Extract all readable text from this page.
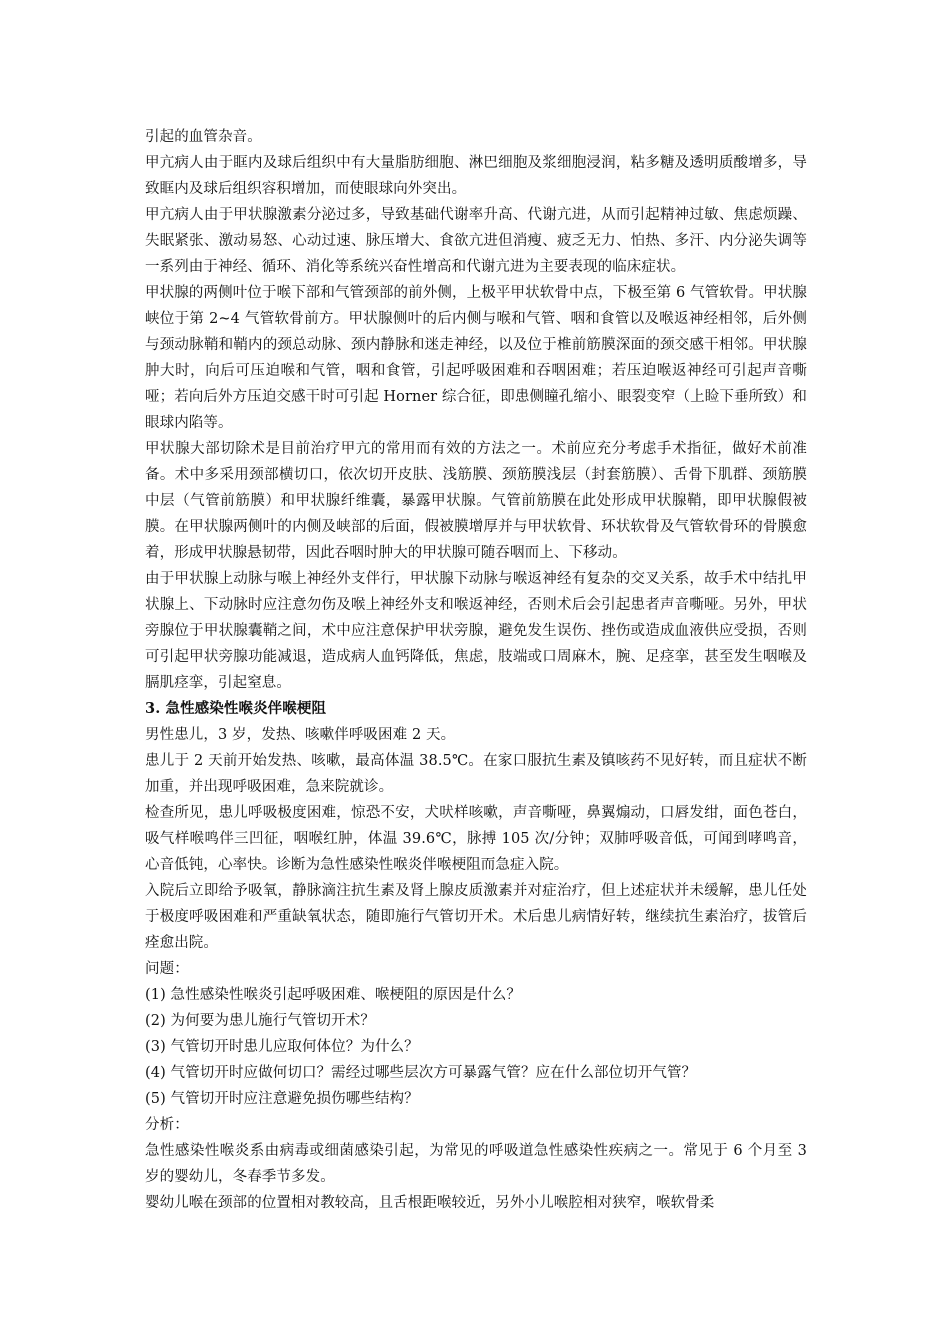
引起的血管杂音。

甲亢病人由于眶内及球后组织中有大量脂肪细胞、淋巴细胞及浆细胞浸润，粘多糖及透明质酸增多，导致眶内及球后组织容积增加，而使眼球向外突出。

甲亢病人由于甲状腺激素分泌过多，导致基础代谢率升高、代谢亢进，从而引起精神过敏、焦虑烦躁、失眠紧张、激动易怒、心动过速、脉压增大、食欲亢进但消瘦、疲乏无力、怕热、多汗、内分泌失调等一系列由于神经、循环、消化等系统兴奋性增高和代谢亢进为主要表现的临床症状。

甲状腺的两侧叶位于喉下部和气管颈部的前外侧，上极平甲状软骨中点，下极至第 6 气管软骨。甲状腺峡位于第 2~4 气管软骨前方。甲状腺侧叶的后内侧与喉和气管、咽和食管以及喉返神经相邻，后外侧与颈动脉鞘和鞘内的颈总动脉、颈内静脉和迷走神经，以及位于椎前筋膜深面的颈交感干相邻。甲状腺肿大时，向后可压迫喉和气管，咽和食管，引起呼吸困难和吞咽困难；若压迫喉返神经可引起声音嘶哑；若向后外方压迫交感干时可引起 Horner 综合征，即患侧瞳孔缩小、眼裂变窄（上睑下垂所致）和眼球内陷等。

甲状腺大部切除术是目前治疗甲亢的常用而有效的方法之一。术前应充分考虑手术指征，做好术前准备。术中多采用颈部横切口，依次切开皮肤、浅筋膜、颈筋膜浅层（封套筋膜）、舌骨下肌群、颈筋膜中层（气管前筋膜）和甲状腺纤维囊，暴露甲状腺。气管前筋膜在此处形成甲状腺鞘，即甲状腺假被膜。在甲状腺两侧叶的内侧及峡部的后面，假被膜增厚并与甲状软骨、环状软骨及气管软骨环的骨膜愈着，形成甲状腺悬韧带，因此吞咽时肿大的甲状腺可随吞咽而上、下移动。

由于甲状腺上动脉与喉上神经外支伴行，甲状腺下动脉与喉返神经有复杂的交叉关系，故手术中结扎甲状腺上、下动脉时应注意勿伤及喉上神经外支和喉返神经，否则术后会引起患者声音嘶哑。另外，甲状旁腺位于甲状腺囊鞘之间，术中应注意保护甲状旁腺，避免发生误伤、挫伤或造成血液供应受损，否则可引起甲状旁腺功能减退，造成病人血钙降低，焦虑，肢端或口周麻木，腕、足痉挛，甚至发生咽喉及膈肌痉挛，引起窒息。

3. 急性感染性喉炎伴喉梗阻

男性患儿，3 岁，发热、咳嗽伴呼吸困难 2 天。

患儿于 2 天前开始发热、咳嗽，最高体温 38.5℃。在家口服抗生素及镇咳药不见好转，而且症状不断加重，并出现呼吸困难，急来院就诊。

检查所见，患儿呼吸极度困难，惊恐不安，犬吠样咳嗽，声音嘶哑，鼻翼煽动，口唇发绀，面色苍白，吸气样喉鸣伴三凹征，咽喉红肿，体温 39.6℃，脉搏 105 次/分钟；双肺呼吸音低，可闻到哮鸣音，心音低钝，心率快。诊断为急性感染性喉炎伴喉梗阻而急症入院。

入院后立即给予吸氧，静脉滴注抗生素及肾上腺皮质激素并对症治疗，但上述症状并未缓解，患儿任处于极度呼吸困难和严重缺氧状态，随即施行气管切开术。术后患儿病情好转，继续抗生素治疗，拔管后痊愈出院。

问题：

(1) 急性感染性喉炎引起呼吸困难、喉梗阻的原因是什么？

(2) 为何要为患儿施行气管切开术？

(3) 气管切开时患儿应取何体位？为什么？

(4) 气管切开时应做何切口？需经过哪些层次方可暴露气管？应在什么部位切开气管？

(5) 气管切开时应注意避免损伤哪些结构？

分析：

急性感染性喉炎系由病毒或细菌感染引起，为常见的呼吸道急性感染性疾病之一。常见于 6 个月至 3 岁的婴幼儿，冬春季节多发。

婴幼儿喉在颈部的位置相对教较高，且舌根距喉较近，另外小儿喉腔相对狭窄，喉软骨柔
